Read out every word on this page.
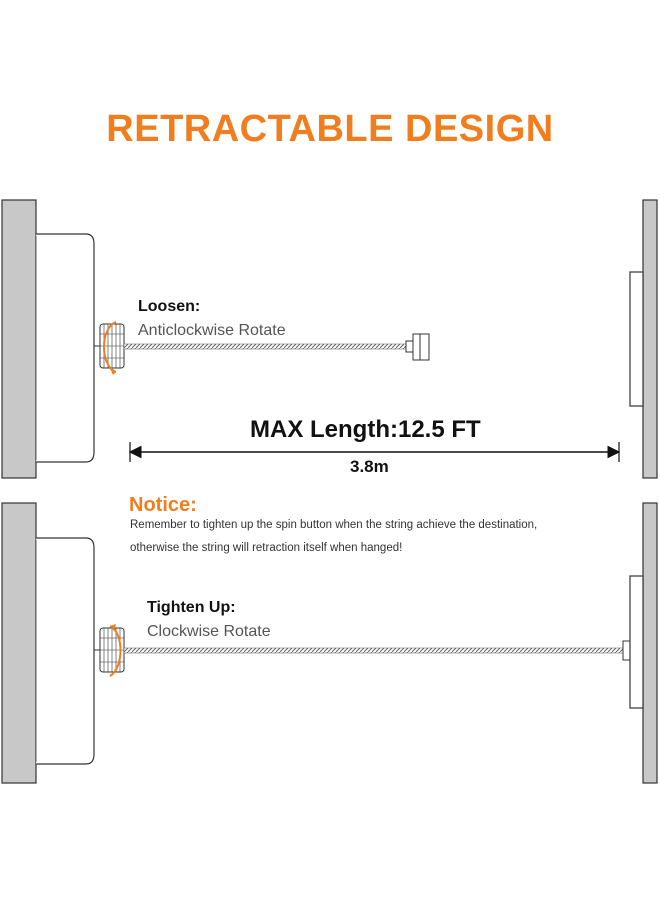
RETRACTABLE DESIGN
Loosen:
Anticlockwise Rotate
MAX Length:12.5 FT
3.8m
Notice:
Remember to tighten up the spin button when the string achieve the destination,
otherwise the string will retraction itself when hanged!
Tighten Up:
Clockwise Rotate
